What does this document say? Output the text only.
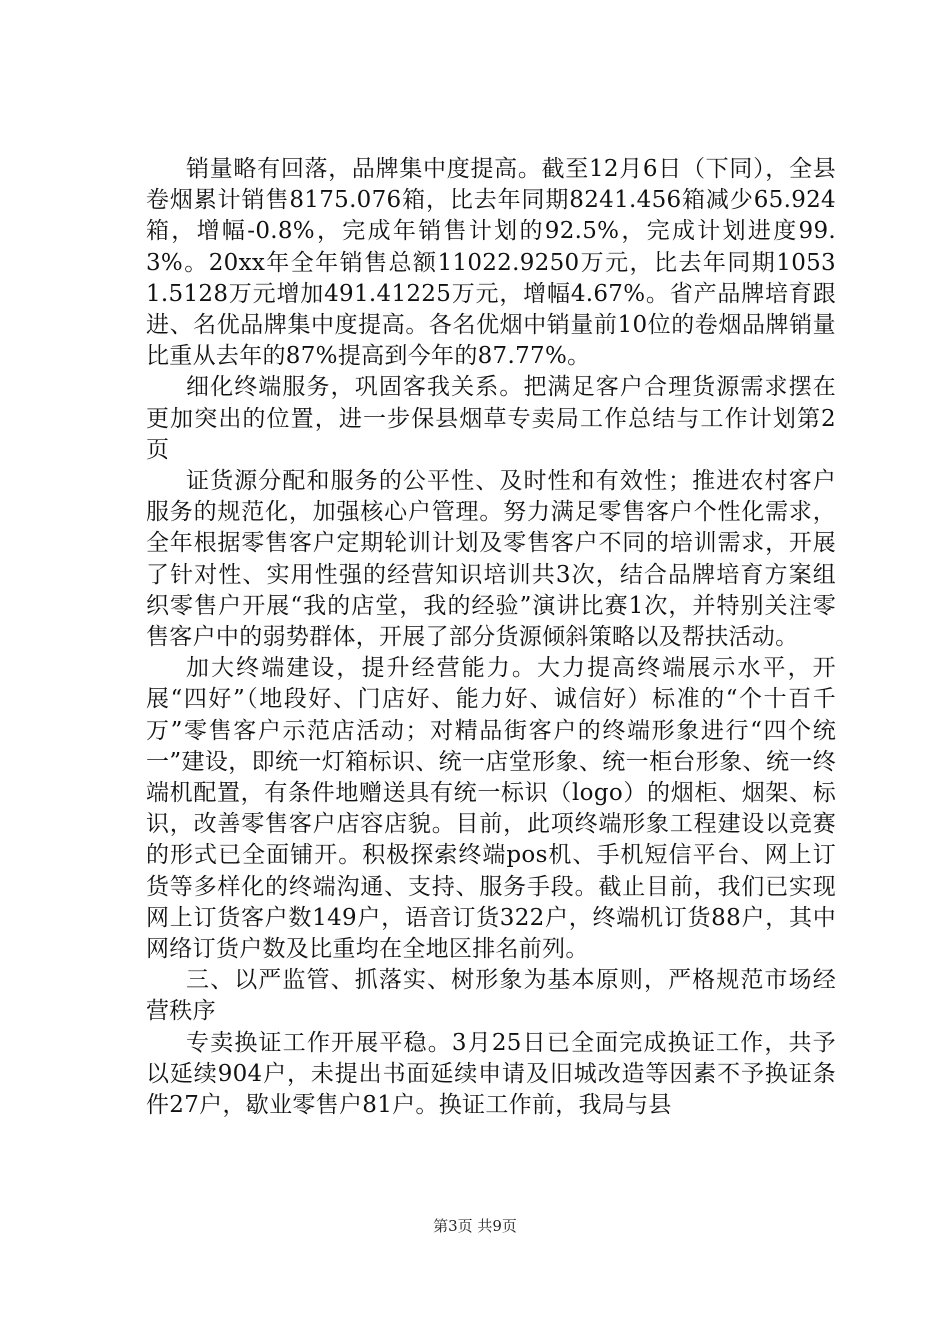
销量略有回落，品牌集中度提高。截至12月6日（下同），全县卷烟累计销售8175.076箱，比去年同期8241.456箱减少65.924箱，增幅-0.8%，完成年销售计划的92.5%，完成计划进度99.3%。20xx年全年销售总额11022.9250万元，比去年同期10531.5128万元增加491.41225万元，增幅4.67%。省产品牌培育跟进、名优品牌集中度提高。各名优烟中销量前10位的卷烟品牌销量比重从去年的87%提高到今年的87.77%。

细化终端服务，巩固客我关系。把满足客户合理货源需求摆在更加突出的位置，进一步保县烟草专卖局工作总结与工作计划第2页

证货源分配和服务的公平性、及时性和有效性；推进农村客户服务的规范化，加强核心户管理。努力满足零售客户个性化需求，全年根据零售客户定期轮训计划及零售客户不同的培训需求，开展了针对性、实用性强的经营知识培训共3次，结合品牌培育方案组织零售户开展“我的店堂，我的经验”演讲比赛1次，并特别关注零售客户中的弱势群体，开展了部分货源倾斜策略以及帮扶活动。

加大终端建设，提升经营能力。大力提高终端展示水平，开展“四好”（地段好、门店好、能力好、诚信好）标准的“个十百千万”零售客户示范店活动；对精品街客户的终端形象进行“四个统一”建设，即统一灯箱标识、统一店堂形象、统一柜台形象、统一终端机配置，有条件地赠送具有统一标识（logo）的烟柜、烟架、标识，改善零售客户店容店貌。目前，此项终端形象工程建设以竞赛的形式已全面铺开。积极探索终端pos机、手机短信平台、网上订货等多样化的终端沟通、支持、服务手段。截止目前，我们已实现网上订货客户数149户，语音订货322户，终端机订货88户，其中网络订货户数及比重均在全地区排名前列。

三、以严监管、抓落实、树形象为基本原则，严格规范市场经营秩序

专卖换证工作开展平稳。3月25日已全面完成换证工作，共予以延续904户，未提出书面延续申请及旧城改造等因素不予换证条件27户，歇业零售户81户。换证工作前，我局与县

第3页 共9页
